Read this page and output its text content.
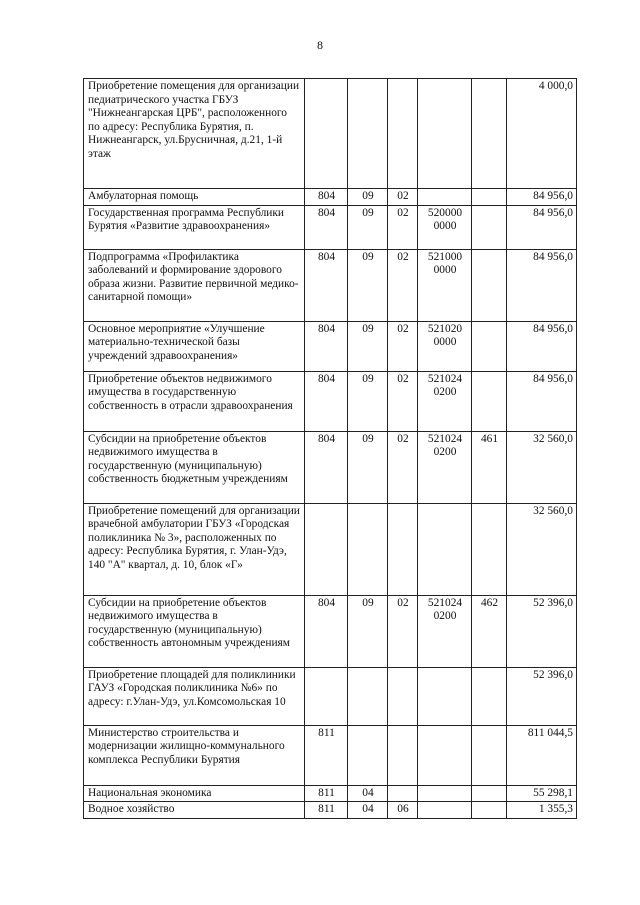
8
Приобретение помещения для организации педиатрического участка ГБУЗ "Нижнеангарская ЦРБ", расположенного по адресу: Республика Бурятия, п. Нижнеангарск, ул.Брусничная, д.21, 1-й этаж						4 000,0
Амбулаторная помощь	804	09	02			84 956,0
Государственная программа Республики Бурятия «Развитие здравоохранения»	804	09	02	520000 0000		84 956,0
Подпрограмма «Профилактика заболеваний и формирование здорового образа жизни. Развитие первичной медико-санитарной помощи»	804	09	02	521000 0000		84 956,0
Основное мероприятие «Улучшение материально-технической базы учреждений здравоохранения»	804	09	02	521020 0000		84 956,0
Приобретение объектов недвижимого имущества в государственную собственность в отрасли здравоохранения	804	09	02	521024 0200		84 956,0
Субсидии на приобретение объектов недвижимого имущества в государственную (муниципальную) собственность бюджетным учреждениям	804	09	02	521024 0200	461	32 560,0
Приобретение помещений для организации врачебной амбулатории ГБУЗ «Городская поликлиника № 3», расположенных по адресу: Республика Бурятия, г. Улан-Удэ, 140 "А" квартал, д. 10, блок «Г»						32 560,0
Субсидии на приобретение объектов недвижимого имущества в государственную (муниципальную) собственность автономным учреждениям	804	09	02	521024 0200	462	52 396,0
Приобретение площадей для поликлиники ГАУЗ «Городская поликлиника №6» по адресу: г.Улан-Удэ, ул.Комсомольская 10						52 396,0
Министерство строительства и модернизации жилищно-коммунального комплекса Республики Бурятия	811					811 044,5
Национальная экономика	811	04				55 298,1
Водное хозяйство	811	04	06			1 355,3
